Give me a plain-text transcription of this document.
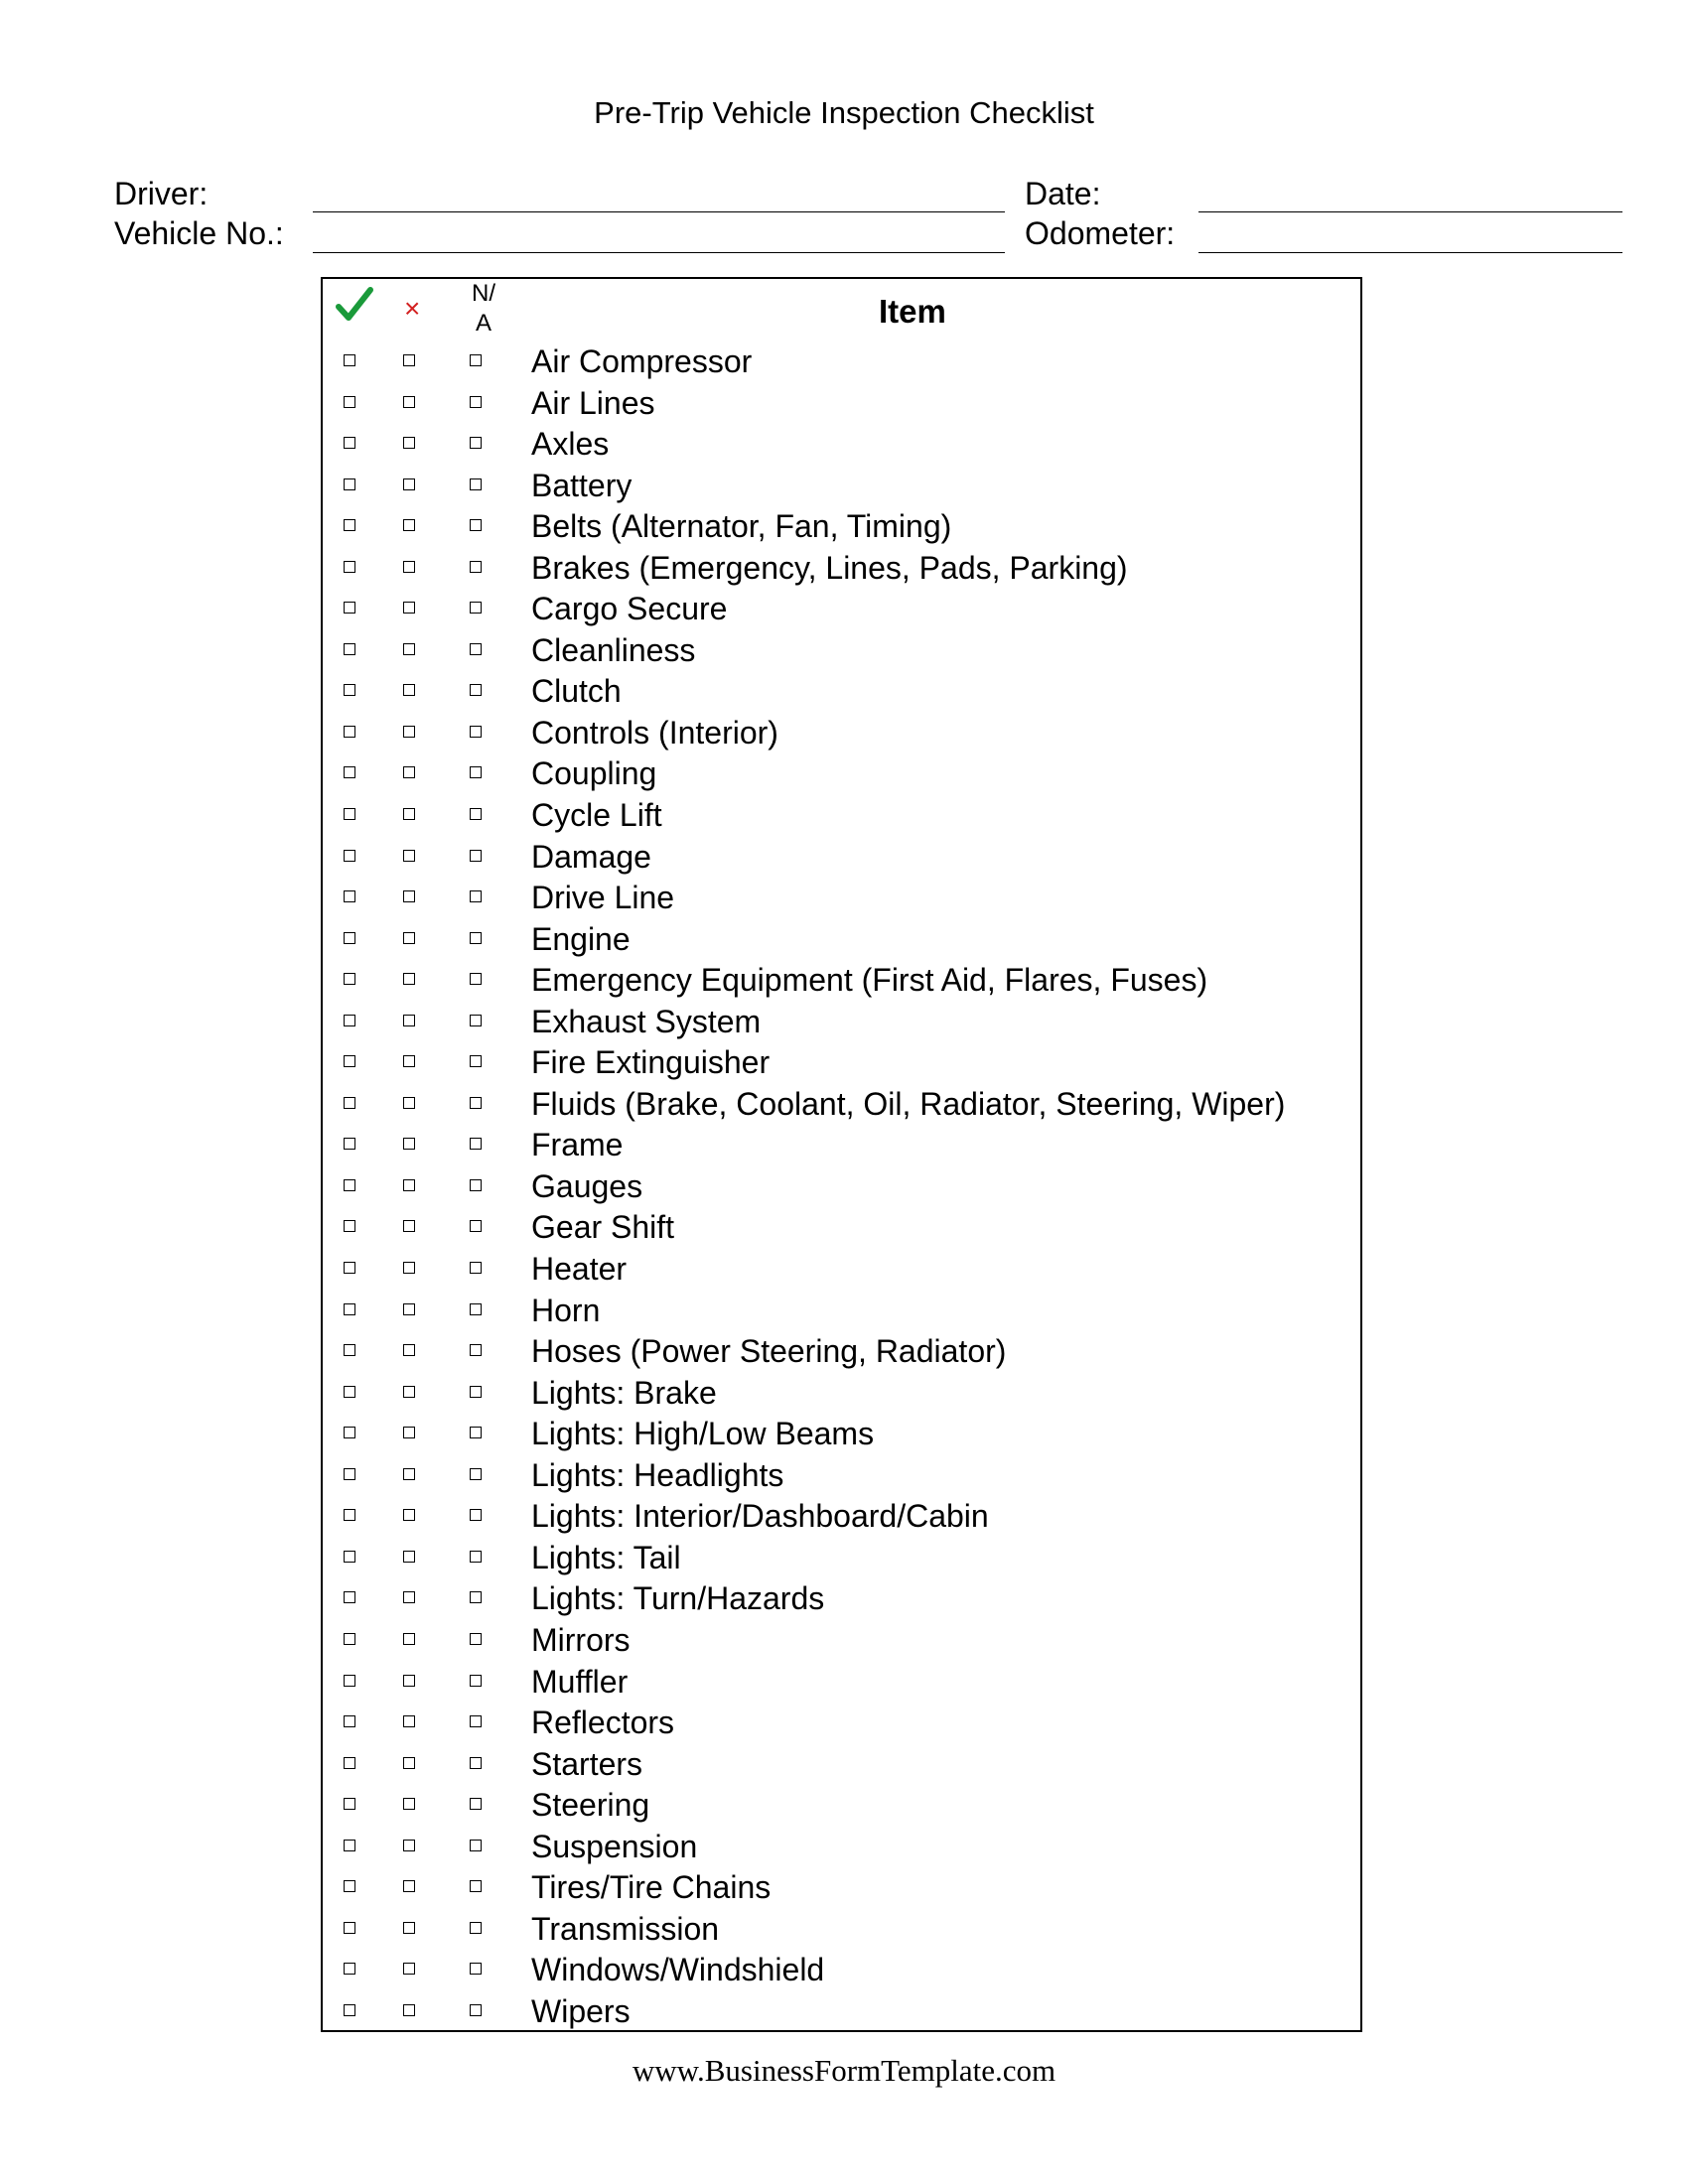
Pre-Trip Vehicle Inspection Checklist
Driver:
Vehicle No.:
Date:
Odometer:
×	N/
A	Item
Air Compressor
Air Lines
Axles
Battery
Belts (Alternator, Fan, Timing)
Brakes (Emergency, Lines, Pads, Parking)
Cargo Secure
Cleanliness
Clutch
Controls (Interior)
Coupling
Cycle Lift
Damage
Drive Line
Engine
Emergency Equipment (First Aid, Flares, Fuses)
Exhaust System
Fire Extinguisher
Fluids (Brake, Coolant, Oil, Radiator, Steering, Wiper)
Frame
Gauges
Gear Shift
Heater
Horn
Hoses (Power Steering, Radiator)
Lights: Brake
Lights: High/Low Beams
Lights: Headlights
Lights: Interior/Dashboard/Cabin
Lights: Tail
Lights: Turn/Hazards
Mirrors
Muffler
Reflectors
Starters
Steering
Suspension
Tires/Tire Chains
Transmission
Windows/Windshield
Wipers
www.BusinessFormTemplate.com
